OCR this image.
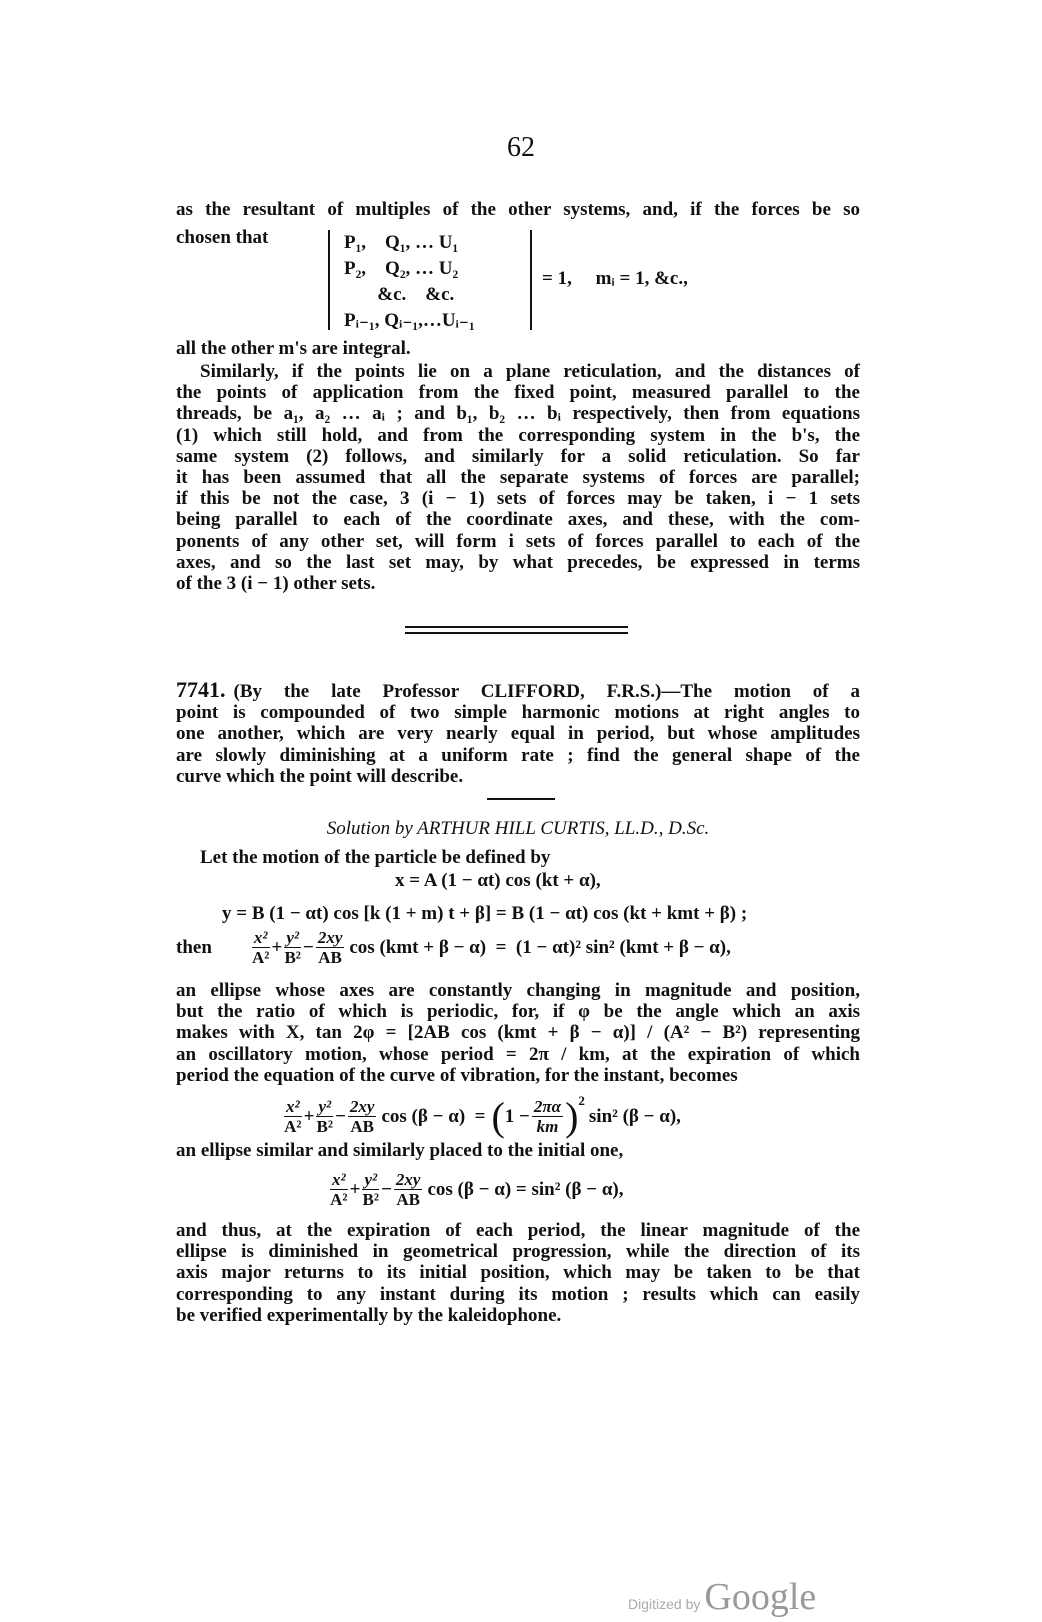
62
as the resultant of multiples of the other systems, and, if the forces be so
chosen that	P₁,    Q₁, … U₁
P₂,    Q₂, … U₂
&c.    &c.
Pᵢ₋₁, Qᵢ₋₁,…Uᵢ₋₁
= 1,     mᵢ = 1, &c.,
all the other m's are integral.
Similarly, if the points lie on a plane reticulation, and the distances of
the points of application from the fixed point, measured parallel to the
threads, be a₁, a₂ … aᵢ ; and b₁, b₂ … bᵢ respectively, then from equations
(1) which still hold, and from the corresponding system in the b's, the
same system (2) follows, and similarly for a solid reticulation. So far
it has been assumed that all the separate systems of forces are parallel;
if this be not the case, 3 (i − 1) sets of forces may be taken, i − 1 sets
being parallel to each of the coordinate axes, and these, with the com-
ponents of any other set, will form i sets of forces parallel to each of the
axes, and so the last set may, by what precedes, be expressed in terms
of the 3 (i − 1) other sets.
7741. (By the late Professor CLIFFORD, F.R.S.)—The motion of a
point is compounded of two simple harmonic motions at right angles to
one another, which are very nearly equal in period, but whose amplitudes
are slowly diminishing at a uniform rate ; find the general shape of the
curve which the point will describe.
Solution by ARTHUR HILL CURTIS, LL.D., D.Sc.
Let the motion of the particle be defined by
x = A (1 − αt) cos (kt + α),
y = B (1 − αt) cos [k (1 + m) t + β] = B (1 − αt) cos (kt + kmt + β) ;
then $\frac{\text{x²}}{\text{A²}} + \frac{\text{y²}}{\text{B²}} - \frac{2xy}{AB}$ cos (kmt + β − α)  =  (1 − αt)² sin² (kmt + β − α),
an ellipse whose axes are constantly changing in magnitude and position,
but the ratio of which is periodic, for, if φ be the angle which an axis
makes with X, tan 2φ = [2AB cos (kmt + β − α)] / (A² − B²) representing
an oscillatory motion, whose period = 2π / km, at the expiration of which
period the equation of the curve of vibration, for the instant, becomes
$\frac{\text{x²}}{\text{A²}} + \frac{\text{y²}}{\text{B²}} - \frac{2xy}{AB}$ cos (β − α)  = ( $1 - \frac{2\pi\alpha}{km} )^2$
sin² (β − α),
an ellipse similar and similarly placed to the initial one,
$\frac{\text{x²}}{\text{A²}} + \frac{\text{y²}}{\text{B²}} - \frac{2xy}{AB}$ cos (β − α) = sin² (β − α),
and thus, at the expiration of each period, the linear magnitude of the
ellipse is diminished in geometrical progression, while the direction of its
axis major returns to its initial position, which may be taken to be that
corresponding to any instant during its motion ; results which can easily
be verified experimentally by the kaleidophone.
Digitized by Google
